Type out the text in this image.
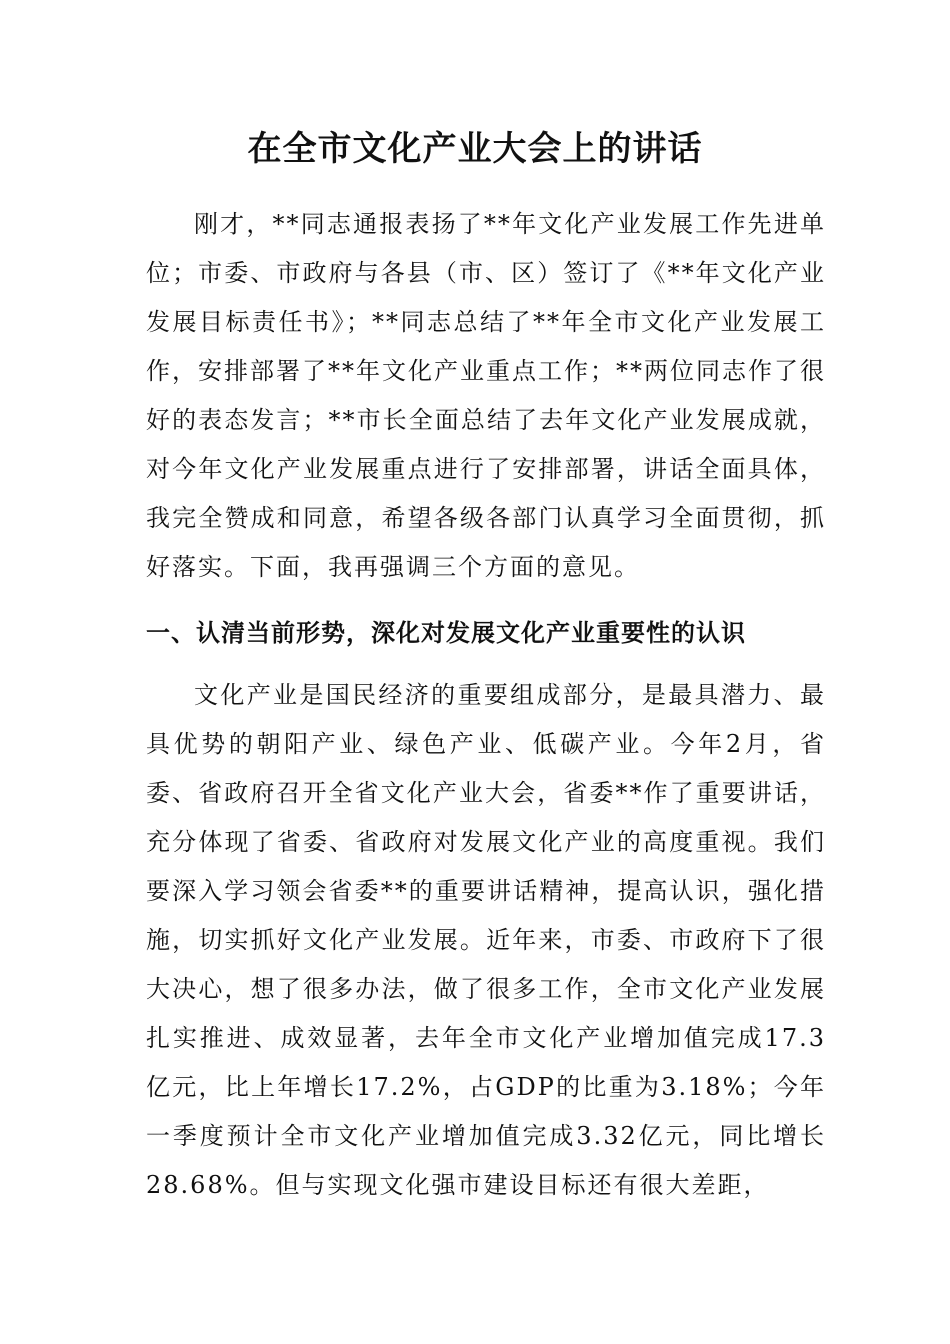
在全市文化产业大会上的讲话

刚才，**同志通报表扬了**年文化产业发展工作先进单位；市委、市政府与各县（市、区）签订了《**年文化产业发展目标责任书》；**同志总结了**年全市文化产业发展工作，安排部署了**年文化产业重点工作；**两位同志作了很好的表态发言；**市长全面总结了去年文化产业发展成就，对今年文化产业发展重点进行了安排部署，讲话全面具体，我完全赞成和同意，希望各级各部门认真学习全面贯彻，抓好落实。下面，我再强调三个方面的意见。

一、认清当前形势，深化对发展文化产业重要性的认识

文化产业是国民经济的重要组成部分，是最具潜力、最具优势的朝阳产业、绿色产业、低碳产业。今年2月，省委、省政府召开全省文化产业大会，省委**作了重要讲话，充分体现了省委、省政府对发展文化产业的高度重视。我们要深入学习领会省委**的重要讲话精神，提高认识，强化措施，切实抓好文化产业发展。近年来，市委、市政府下了很大决心，想了很多办法，做了很多工作，全市文化产业发展扎实推进、成效显著，去年全市文化产业增加值完成17.3亿元，比上年增长17.2%，占GDP的比重为3.18%；今年一季度预计全市文化产业增加值完成3.32亿元，同比增长28.68%。但与实现文化强市建设目标还有很大差距，
